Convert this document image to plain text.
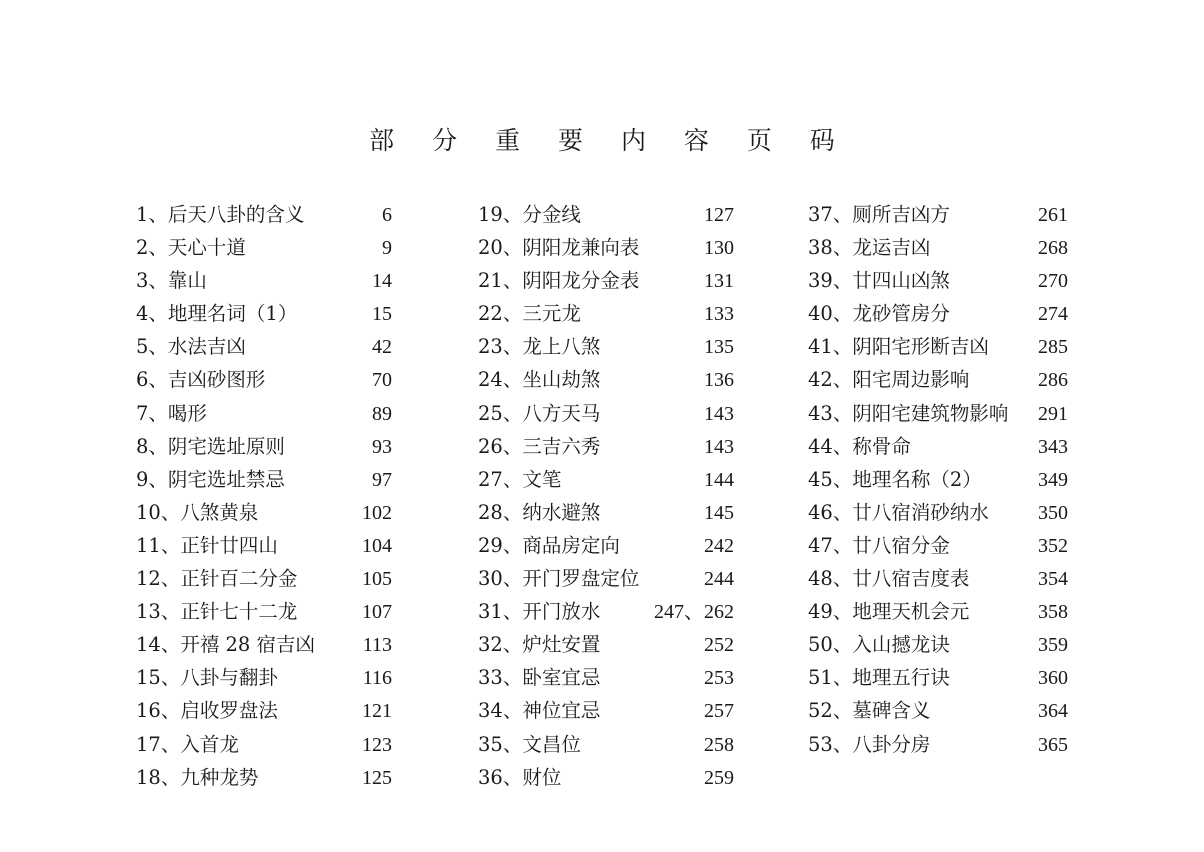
部 分 重 要 内 容 页 码
1、后天八卦的含义	6
2、天心十道	9
3、靠山	14
4、地理名词（1）	15
5、水法吉凶	42
6、吉凶砂图形	70
7、喝形	89
8、阴宅选址原则	93
9、阴宅选址禁忌	97
10、八煞黄泉	102
11、正针廿四山	104
12、正针百二分金	105
13、正针七十二龙	107
14、开禧 28 宿吉凶 113
15、八卦与翻卦	116
16、启收罗盘法	121
17、入首龙	123
18、九种龙势	125
19、分金线	127
20、阴阳龙兼向表	130
21、阴阳龙分金表	131
22、三元龙	133
23、龙上八煞	135
24、坐山劫煞	136
25、八方天马	143
26、三吉六秀	143
27、文笔	144
28、纳水避煞	145
29、商品房定向	242
30、开门罗盘定位	244
31、开门放水	247、262
32、炉灶安置	252
33、卧室宜忌	253
34、神位宜忌	257
35、文昌位	258
36、财位	259
37、厕所吉凶方	261
38、龙运吉凶	268
39、廿四山凶煞	270
40、龙砂管房分	274
41、阴阳宅形断吉凶 285
42、阳宅周边影响	286
43、阴阳宅建筑物影响 291
44、称骨命	343
45、地理名称（2）	349
46、廿八宿消砂纳水 350
47、廿八宿分金	352
48、廿八宿吉度表	354
49、地理天机会元	358
50、入山撼龙诀	359
51、地理五行诀	360
52、墓碑含义	364
53、八卦分房	365
